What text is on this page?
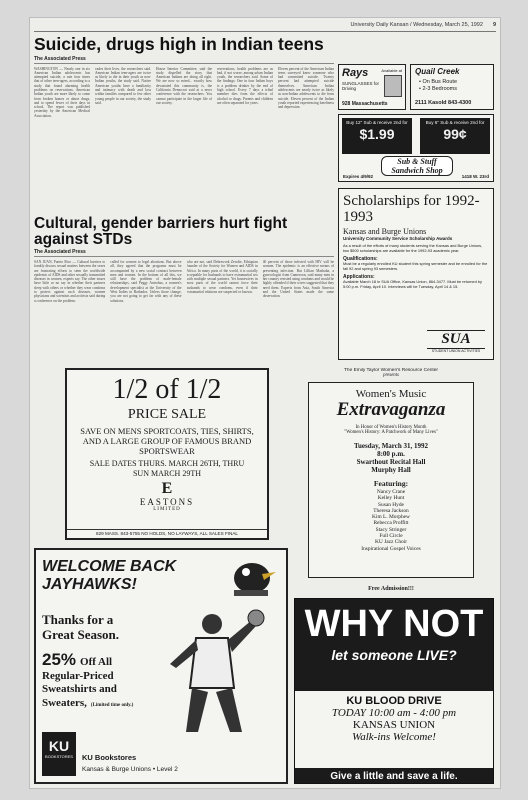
University Daily Kansan / Wednesday, March 25, 1992 9
Suicide, drugs high in Indian teens
The Associated Press
WASHINGTON — Nearly one in six American Indian adolescents has attempted suicide, a rate four times that of other teen-agers, according to a study that found alarming health problems on reservations. American Indian youth are more likely to come from broken homes or abuse drugs, and to spend fewer of their days in school. The report was published yesterday by the American Medical Association.
vades their lives, the researchers said. American Indian teen-agers are twice as likely to die in their youth as non-Indian youths, the study said. Native American youths have a familiarity and intimacy with death and loss within families compared to few other young people in our society, the study said.
House Interior Committee, said the study dispelled the story that American Indians are doing all right. We are now so mired... exactly how devastated this community is, the California Democrat said at a news conference with the researchers. You cannot participate in the larger life of our society.
reservations, health problems are as bad, if not worse, among urban Indian youth, the researchers said. Some of the findings: One in four Indian boys is a problem drinker by the end of high school. Every 7 days a tribal member dies from the effects of alcohol or drugs. Parents and children are often separated for years.
Eleven percent of the American Indian teens surveyed knew someone who had committed suicide. Twenty percent had attempted suicide themselves. American Indian adolescents are nearly twice as likely as non-Indian adolescents to die from suicide. Eleven percent of the Indian youth reported experiencing loneliness and depression.
Cultural, gender barriers hurt fight against STDs
The Associated Press
SAN JUAN, Puerto Rico — Cultural barriers to frankly discuss sexual matters between the sexes are frustrating efforts to stem the worldwide epidemic of AIDS and other sexually transmitted diseases in women, experts say. The other issues have little or no say in whether their partners sleep with others or whether they wear condoms to protect against such diseases, women physicians and scientists and activists said during a conference on the problem.
called for women to legal abortions. But above all, they agreed that the programs must be accompanied by a new social contract between men and women. In the bottom of all this, we still have the problem of male-female relationships, said Peggy Antrobus, a women's development specialist at the University of the West Indies in Barbados. Unless those change, you are not going to get far with any of these solutions.
who are not, said Debrework Zewdie, Ethiopian founder of the Society for Women and AIDS in Africa. In many parts of the world, it is socially acceptable for husbands to have extramarital sex with multiple sexual partners. Yet housewives in most parts of the world cannot force their husbands to wear condoms, even if their extramarital relations are suspected or known.
40 percent of those infected with HIV will be women. The epidemic is an effective means of preventing infection. But Lillian Mashaba, a gynecologist from Cameroon, said many men in her country resisted using condoms and would be highly offended if their wives suggested that they need them. Experts from Asia, South America and the United States made the same observation.
Rays
SUNGLASSES for Driving
Available at
928 Massachusetts
Quail Creek
• On Bus Route
• 2-3 Bedrooms
2111 Kasold 843-4300
Buy 12" Sub & receive 2nd for
$1.99
Buy 6" Sub & receive 2nd for
99¢
Sub & Stuff Sandwich Shop
Expires 4/9/92	1418 W. 23rd
Scholarships for 1992-1993
Kansas and Burge Unions
University Community Service Scholarship Awards
As a result of the efforts of many students serving the Kansas and Burge Unions, two $500 scholarships are available for the 1992-93 academic year.
Qualifications:
Must be a regularly enrolled KU student this spring semester and be enrolled for the fall 92 and spring 93 semesters.
Applications:
Available March 18 in SUA Office, Kansas Union, 864-3477. Must be returned by 5:00 p.m. Friday, April 10. Interviews will be Tuesday, April 14 & 15.
SUA
STUDENT UNION ACTIVITIES
1/2 of 1/2
PRICE SALE
SAVE ON MENS SPORTCOATS, TIES, SHIRTS, AND A LARGE GROUP OF FAMOUS BRAND SPORTSWEAR
SALE DATES THURS. MARCH 26TH, THRU SUN MARCH 29TH
E
EASTONS
LIMITED
829 MASS. 843-5755 NO HOLDS, NO LAYWAYS, ALL SALES FINAL
The Emily Taylor Women's Resource Center
presents
Women's Music
Extravaganza
In Honor of Women's History Month
"Women's History: A Patchwork of Many Lives"
Tuesday, March 31, 1992
8:00 p.m.
Swarthout Recital Hall
Murphy Hall
Featuring:
Nancy Crane
Kelley Hunt
Susan Hyde
Theresa Jackson
Kim L. Morphew
Rebecca Proffitt
Stacy Stringer
Full Circle
KU Jazz Choir
Inspirational Gospel Voices
Free Admission!!!
WELCOME BACK JAYHAWKS!
Thanks for a Great Season.
25% Off All
Regular-Priced
Sweatshirts and
Sweaters, (Limited time only.)
KU
BOOKSTORES	KU Bookstores
Kansas & Burge Unions • Level 2
WHY NOT
let someone LIVE?
KU BLOOD DRIVE
TODAY 10:00 am - 4:00 pm
KANSAS UNION
Walk-ins Welcome!
Give a little and save a life.
